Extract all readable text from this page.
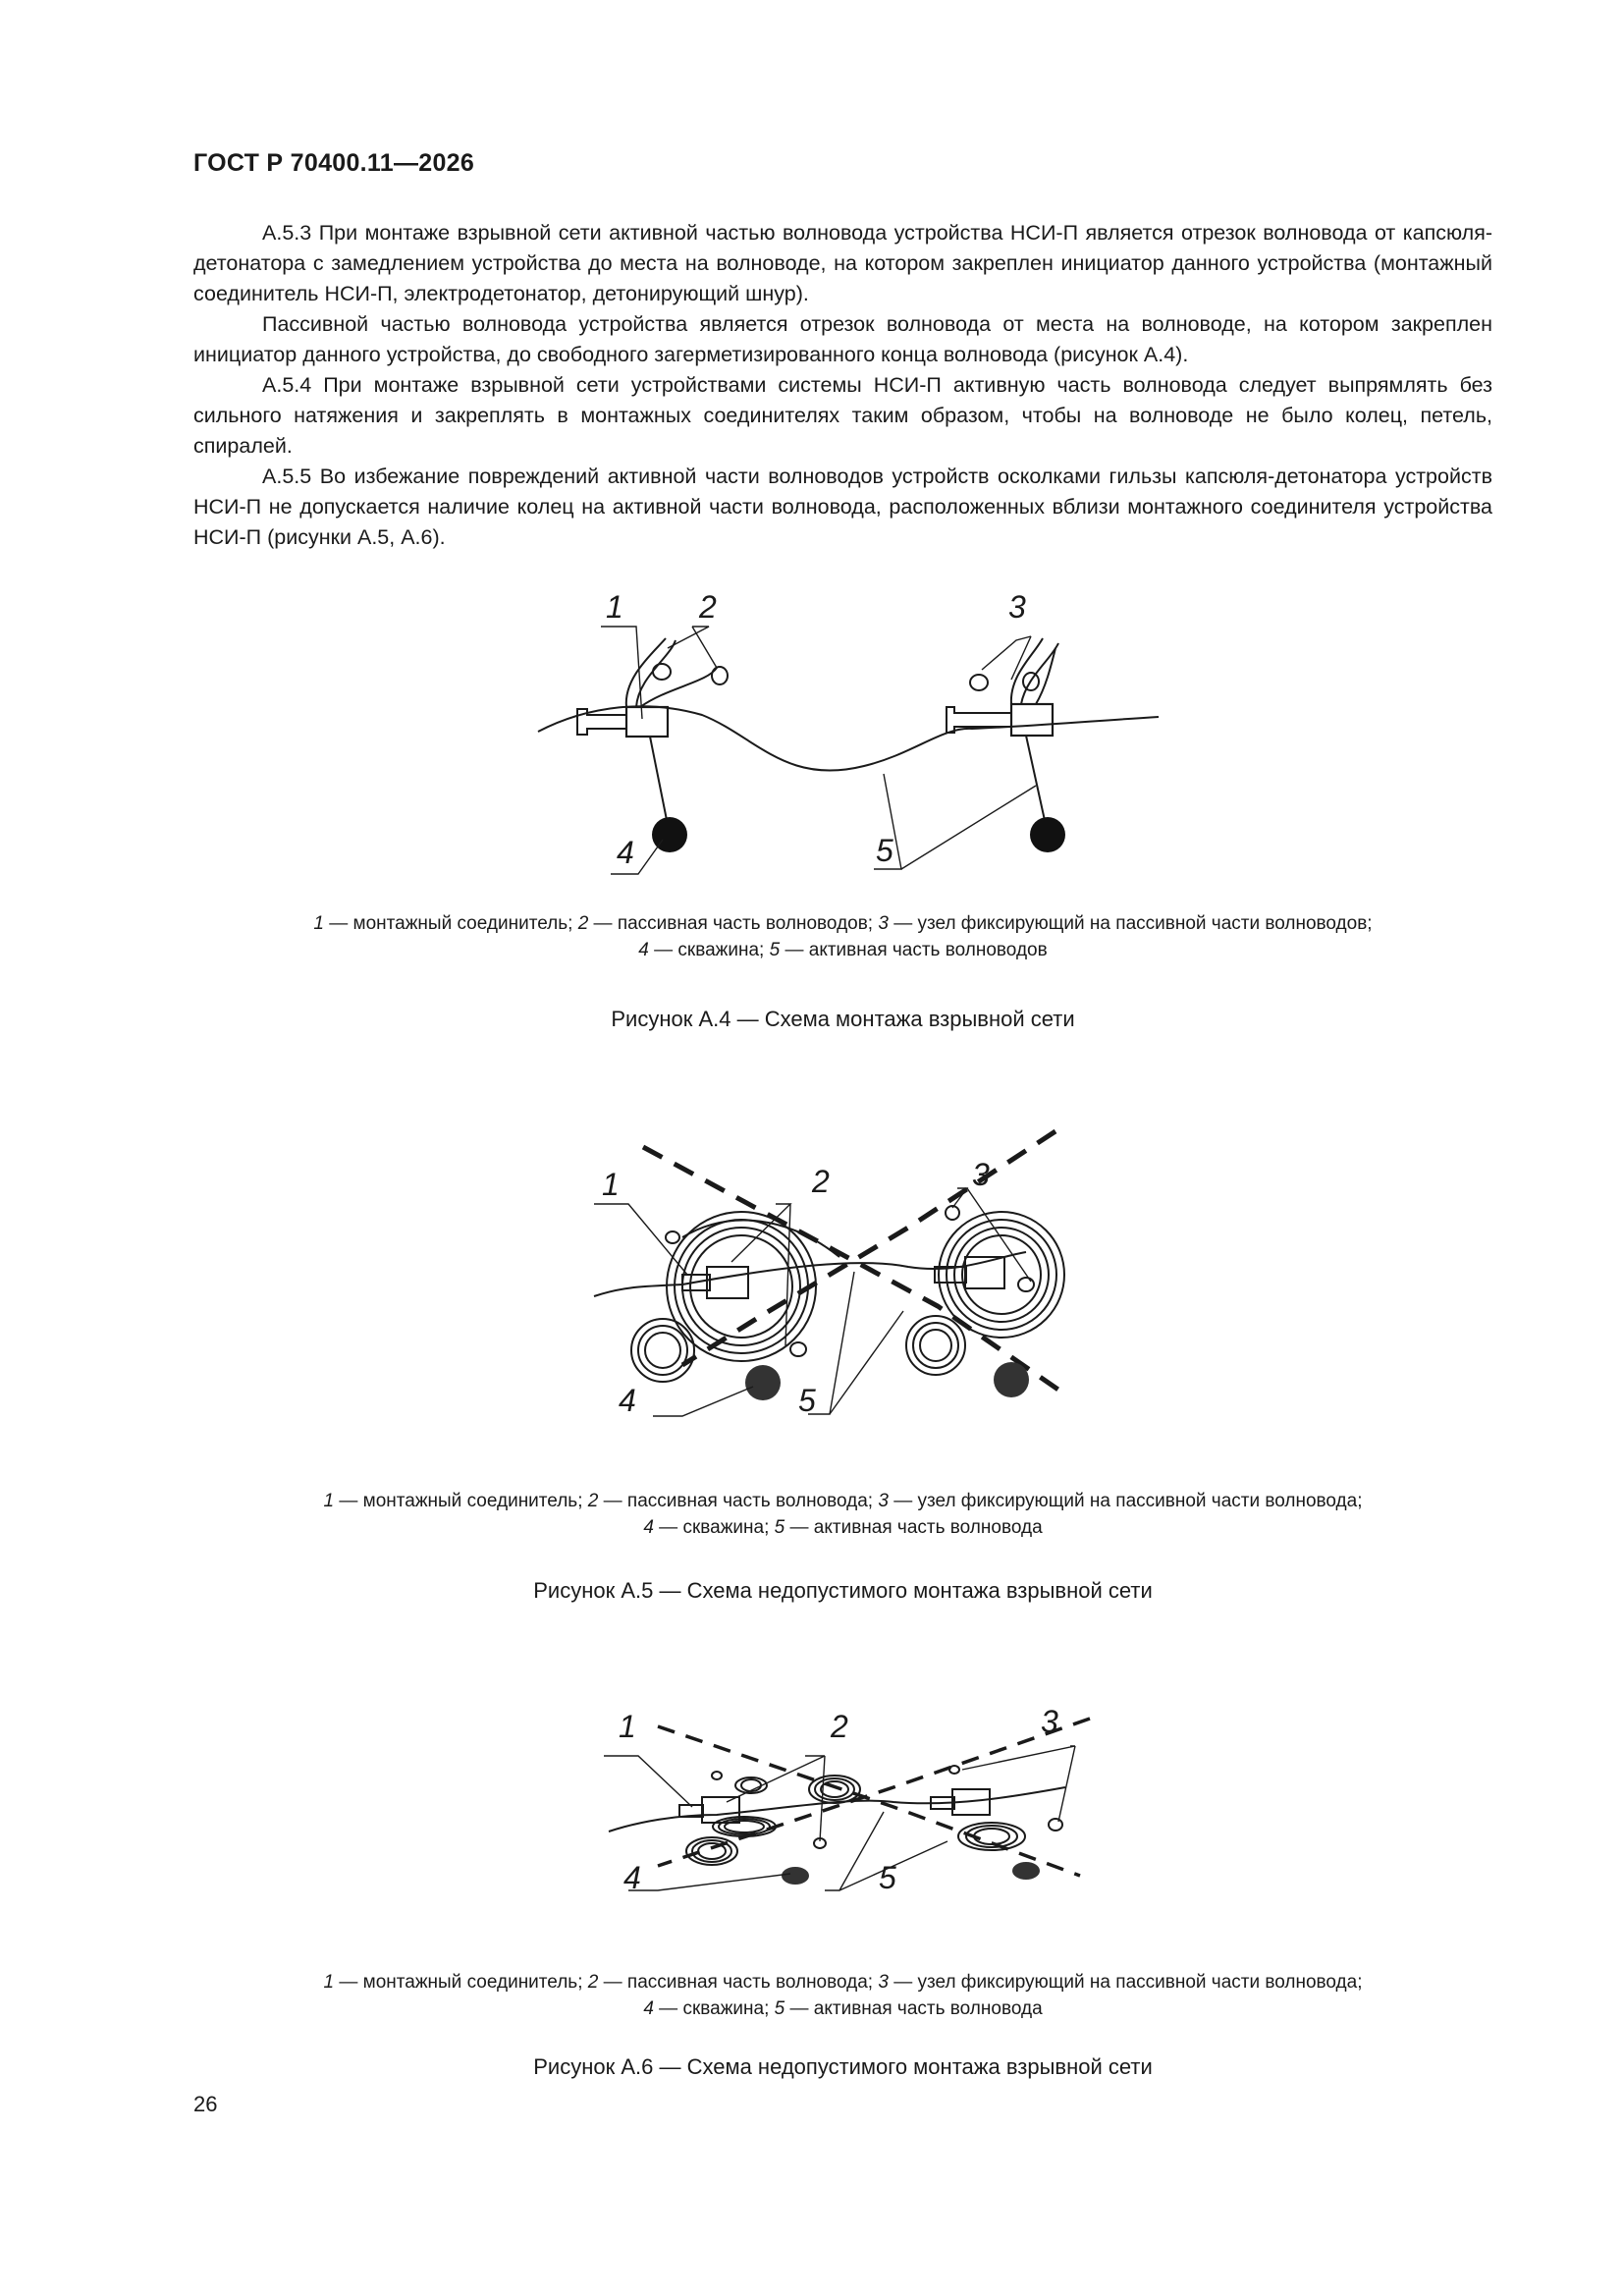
ГОСТ Р 70400.11—2026

А.5.3 При монтаже взрывной сети активной частью волновода устройства НСИ-П является отрезок волновода от капсюля-детонатора с замедлением устройства до места на волноводе, на котором закреплен инициатор данного устройства (монтажный соединитель НСИ-П, электродетонатор, детонирующий шнур).

Пассивной частью волновода устройства является отрезок волновода от места на волноводе, на котором закреплен инициатор данного устройства, до свободного загерметизированного конца волновода (рисунок А.4).

А.5.4 При монтаже взрывной сети устройствами системы НСИ-П активную часть волновода следует выпрямлять без сильного натяжения и закреплять в монтажных соединителях таким образом, чтобы на волноводе не было колец, петель, спиралей.

А.5.5 Во избежание повреждений активной части волноводов устройств осколками гильзы капсюля-детонатора устройств НСИ-П не допускается наличие колец на активной части волновода, расположенных вблизи монтажного соединителя устройства НСИ-П (рисунки А.5, А.6).

1 2	3
4	5
1 — монтажный соединитель; 2 — пассивная часть волноводов; 3 — узел фиксирующий на пассивной части волноводов;
4 — скважина; 5 — активная часть волноводов
Рисунок А.4 — Схема монтажа взрывной сети
1	2	3
4	5
1 — монтажный соединитель; 2 — пассивная часть волновода; 3 — узел фиксирующий на пассивной части волновода;
4 — скважина; 5 — активная часть волновода
Рисунок А.5 — Схема недопустимого монтажа взрывной сети
1	2	3
4	5
1 — монтажный соединитель; 2 — пассивная часть волновода; 3 — узел фиксирующий на пассивной части волновода;
4 — скважина; 5 — активная часть волновода
Рисунок А.6 — Схема недопустимого монтажа взрывной сети
26
